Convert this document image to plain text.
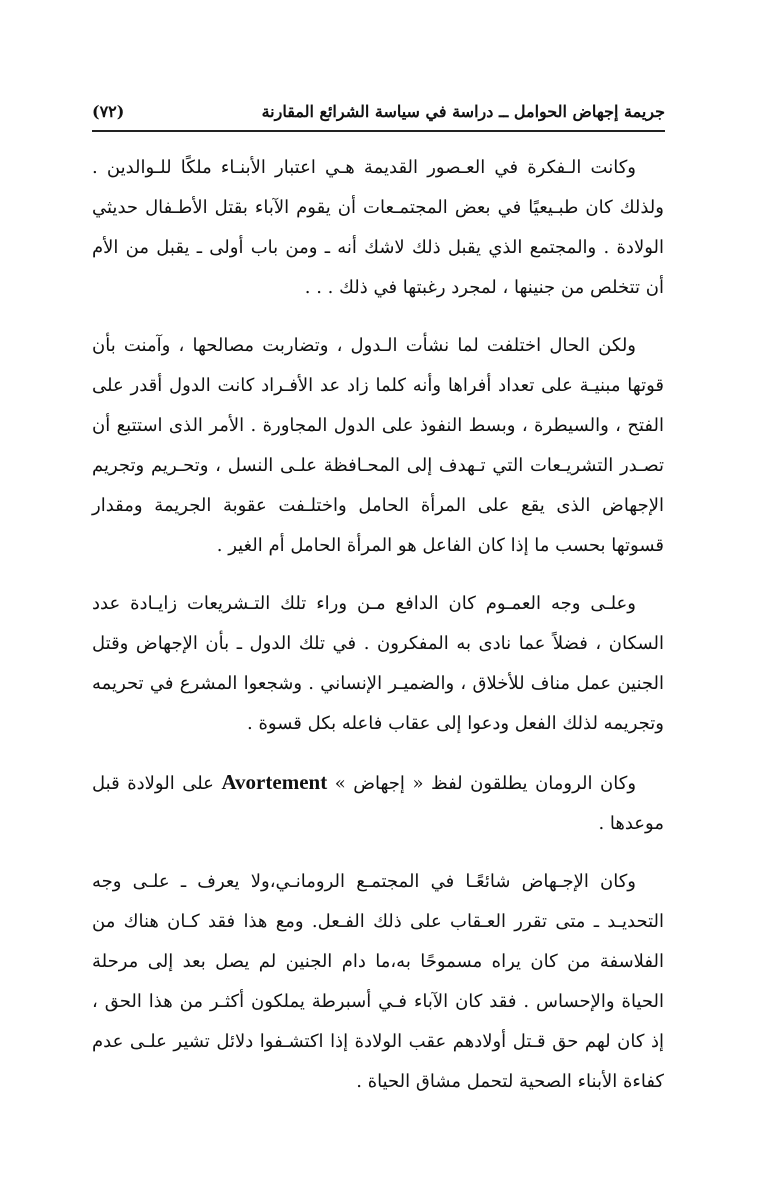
جريمة إجهاض الحوامل ــ دراسة في سياسة الشرائع المقارنة
(٧٢)

وكانت الـفكرة في العـصور القديمة هـي اعتبار الأبنـاء ملكًا للـوالدين . ولذلك كان طبـيعيًا في بعض المجتمـعات أن يقوم الآباء بقتل الأطـفال حديثي الولادة . والمجتمع الذي يقبل ذلك لاشك أنه ـ ومن باب أولى ـ يقبل من الأم أن تتخلص من جنينها ، لمجرد رغبتها في ذلك . . .

ولكن الحال اختلفت لما نشأت الـدول ، وتضاربت مصالحها ، وآمنت بأن قوتها مبنيـة على تعداد أفراها وأنه كلما زاد عد الأفـراد كانت الدول أقدر على الفتح ، والسيطرة ، وبسط النفوذ على الدول المجاورة . الأمر الذى استتبع أن تصـدر التشريـعات التي تـهدف إلى المحـافظة علـى النسل ، وتحـريم وتجريم الإجهاض الذى يقع على المرأة الحامل واختلـفت عقوبة الجريمة ومقدار قسوتها بحسب ما إذا كان الفاعل هو المرأة الحامل أم الغير .

وعلـى وجه العمـوم كان الدافع مـن وراء تلك التـشريعات زايـادة عدد السكان ، فضلاً عما نادى به المفكرون . في تلك الدول ـ بأن الإجهاض وقتل الجنين عمل مناف للأخلاق ، والضميـر الإنساني . وشجعوا المشرع في تحريمه وتجريمه لذلك الفعل ودعوا إلى عقاب فاعله بكل قسوة .

وكان الرومان يطلقون لفظ « إجهاض » Avortement على الولادة قبل موعدها .

وكان الإجـهاض شائعًـا في المجتمـع الرومانـي،ولا يعرف ـ علـى وجه التحديـد ـ متى تقرر العـقاب على ذلك الفـعل. ومع هذا فقد كـان هناك من الفلاسفة من كان يراه مسموحًا به،ما دام الجنين لم يصل بعد إلى مرحلة الحياة والإحساس . فقد كان الآباء فـي أسبرطة يملكون أكثـر من هذا الحق ، إذ كان لهم حق قـتل أولادهم عقب الولادة إذا اكتشـفوا دلائل تشير علـى عدم كفاءة الأبناء الصحية لتحمل مشاق الحياة .
